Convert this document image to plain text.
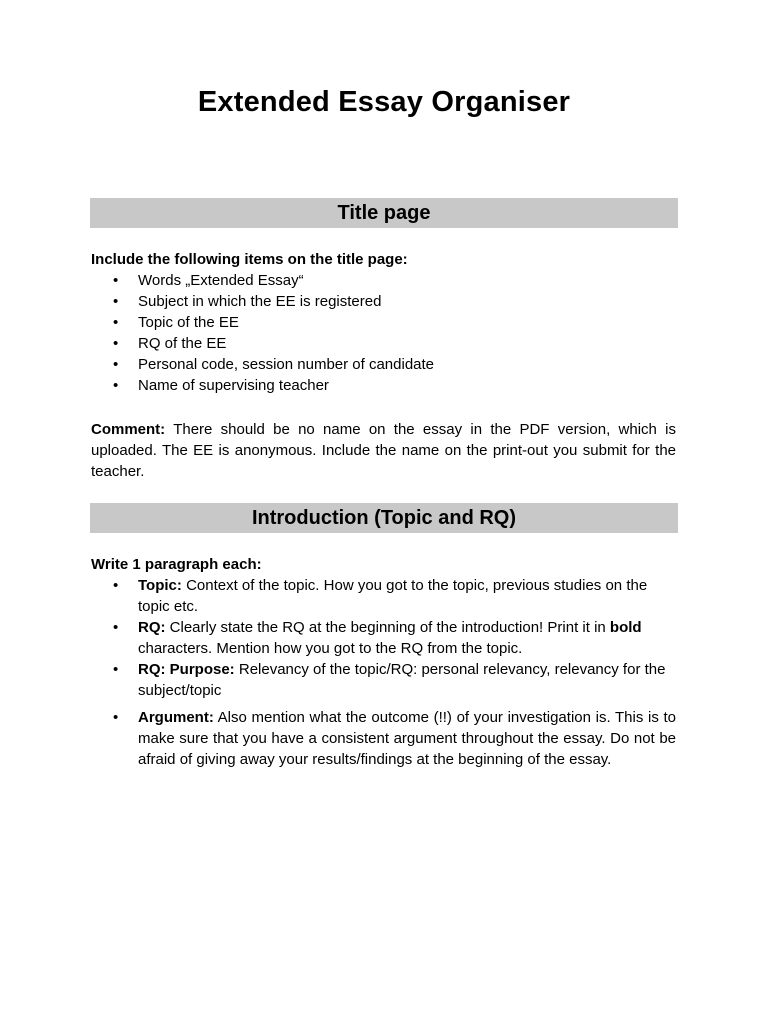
Extended Essay Organiser
Title page
Include the following items on the title page:
• Words „Extended Essay“
• Subject in which the EE is registered
• Topic of the EE
• RQ of the EE
• Personal code, session number of candidate
• Name of supervising teacher
Comment: There should be no name on the essay in the PDF version, which is uploaded. The EE is anonymous. Include the name on the print-out you submit for the teacher.
Introduction (Topic and RQ)
Write 1 paragraph each:
• Topic: Context of the topic. How you got to the topic, previous studies on the topic etc.
• RQ: Clearly state the RQ at the beginning of the introduction! Print it in bold characters. Mention how you got to the RQ from the topic.
• RQ: Purpose: Relevancy of the topic/RQ: personal relevancy, relevancy for the subject/topic
• Argument: Also mention what the outcome (!!) of your investigation is. This is to make sure that you have a consistent argument throughout the essay. Do not be afraid of giving away your results/findings at the beginning of the essay.
